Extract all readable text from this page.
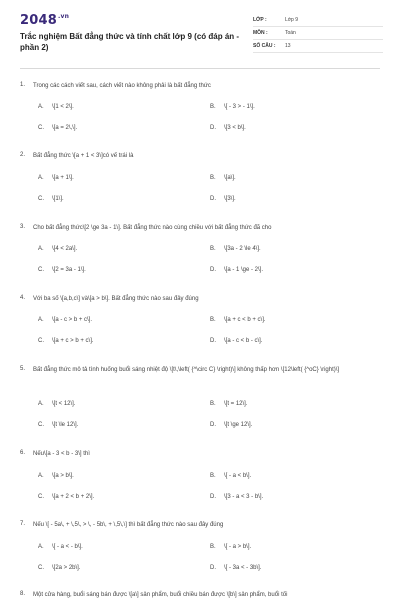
$2048^{.vn}$
Trắc nghiệm Bất đẳng thức và tính chất lớp 9 (có đáp án - phần 2)
LỚP :	Lớp 9
MÔN :	Toán
SỐ CÂU :	13
1. Trong các cách viết sau, cách viết nào không phải là bất đẳng thức
A. \[1 < 2\].	B. \[ - 3 > - 1\].
C. \[a = 2\,\].	D. \[3 < b\].
2. Bất đẳng thức \[a + 1 < 3\]có vế trái là
A. \[a + 1\].	B. \[a\].
C. \[1\].	D. \[3\].
3. Cho bất đẳng thức\[2 \ge 3a - 1\]. Bất đẳng thức nào cùng chiều với bất đẳng thức đã cho
A. \[4 < 2a\].	B. \[3a - 2 \le 4\].
C. \[2 = 3a - 1\].	D. \[a - 1 \ge - 2\].
4. Với ba số \[a,b,c\] và\[a > b\]. Bất đẳng thức nào sau đây đúng
A. \[a - c > b + c\].	B. \[a + c < b + c\].
C. \[a + c > b + c\].	D. \[a - c < b - c\].
5. Bất đẳng thức mô tả tình huống buổi sáng nhiệt độ \[t\,\left( {^\circ C} \right)\] không thấp hơn \[12\left( {^oC} \right)\]
A. \[t < 12\].	B. \[t = 12\].
C. \[t \le 12\].	D. \[t \ge 12\].
6. Nếu\[a - 3 < b - 3\] thì
A. \[a > b\].	B. \[ - a < b\].
C. \[a + 2 < b + 2\].	D. \[3 - a < 3 - b\].
7. Nếu \[ - 5a\, + \,5\, > \, - 5b\, + \,5\,\] thì bất đẳng thức nào sau đây đúng
A. \[ - a < - b\].	B. \[ - a > b\].
C. \[2a > 2b\].	D. \[ - 3a < - 3b\].
8. Một cửa hàng, buổi sáng bán được \[a\] sản phẩm, buổi chiều bán được \[b\] sản phẩm, buổi tối
